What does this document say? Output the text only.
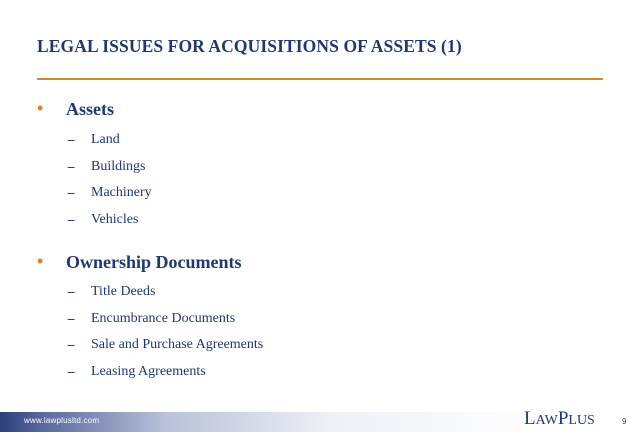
LEGAL ISSUES FOR ACQUISITIONS OF ASSETS (1)
• Assets
− Land
− Buildings
− Machinery
− Vehicles
• Ownership Documents
− Title Deeds
− Encumbrance Documents
− Sale and Purchase Agreements
− Leasing Agreements
www.lawplusltd.com	LAWPLUS	9
